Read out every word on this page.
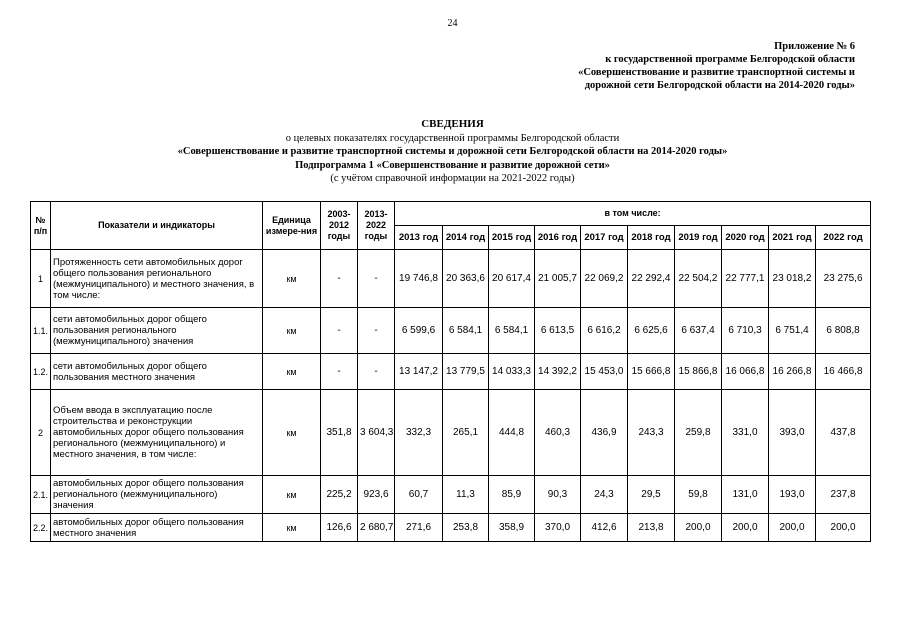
24
Приложение № 6
к государственной программе Белгородской области
«Совершенствование и развитие транспортной системы и
дорожной сети Белгородской области на 2014-2020 годы»
СВЕДЕНИЯ
о целевых показателях государственной программы Белгородской области
«Совершенствование и развитие транспортной системы и дорожной сети Белгородской области на 2014-2020 годы»
Подпрограмма 1 «Совершенствование и развитие дорожной сети»
(с учётом справочной информации на 2021-2022 годы)
№ п/п	Показатели и индикаторы	Единица измере-ния	2003-2012 годы	2013-2022 годы	в том числе:									
					2013 год	2014 год	2015 год	2016 год	2017 год	2018 год	2019 год	2020 год	2021 год	2022 год
1	Протяженность сети автомобильных дорог общего пользования регионального (межмуниципального) и местного значения, в том числе:	км	-	-	19 746,8	20 363,6	20 617,4	21 005,7	22 069,2	22 292,4	22 504,2	22 777,1	23 018,2	23 275,6
1.1.	сети автомобильных дорог общего пользования регионального (межмуниципального) значения	км	-	-	6 599,6	6 584,1	6 584,1	6 613,5	6 616,2	6 625,6	6 637,4	6 710,3	6 751,4	6 808,8
1.2.	сети автомобильных дорог общего пользования местного значения	км	-	-	13 147,2	13 779,5	14 033,3	14 392,2	15 453,0	15 666,8	15 866,8	16 066,8	16 266,8	16 466,8
2	Объем ввода в эксплуатацию после строительства и реконструкции автомобильных дорог общего пользования регионального (межмуниципального) и местного значения, в том числе:	км	351,8	3 604,3	332,3	265,1	444,8	460,3	436,9	243,3	259,8	331,0	393,0	437,8
2.1.	автомобильных дорог общего пользования регионального (межмуниципального) значения	км	225,2	923,6	60,7	11,3	85,9	90,3	24,3	29,5	59,8	131,0	193,0	237,8
2.2.	автомобильных дорог общего пользования местного значения	км	126,6	2 680,7	271,6	253,8	358,9	370,0	412,6	213,8	200,0	200,0	200,0	200,0
